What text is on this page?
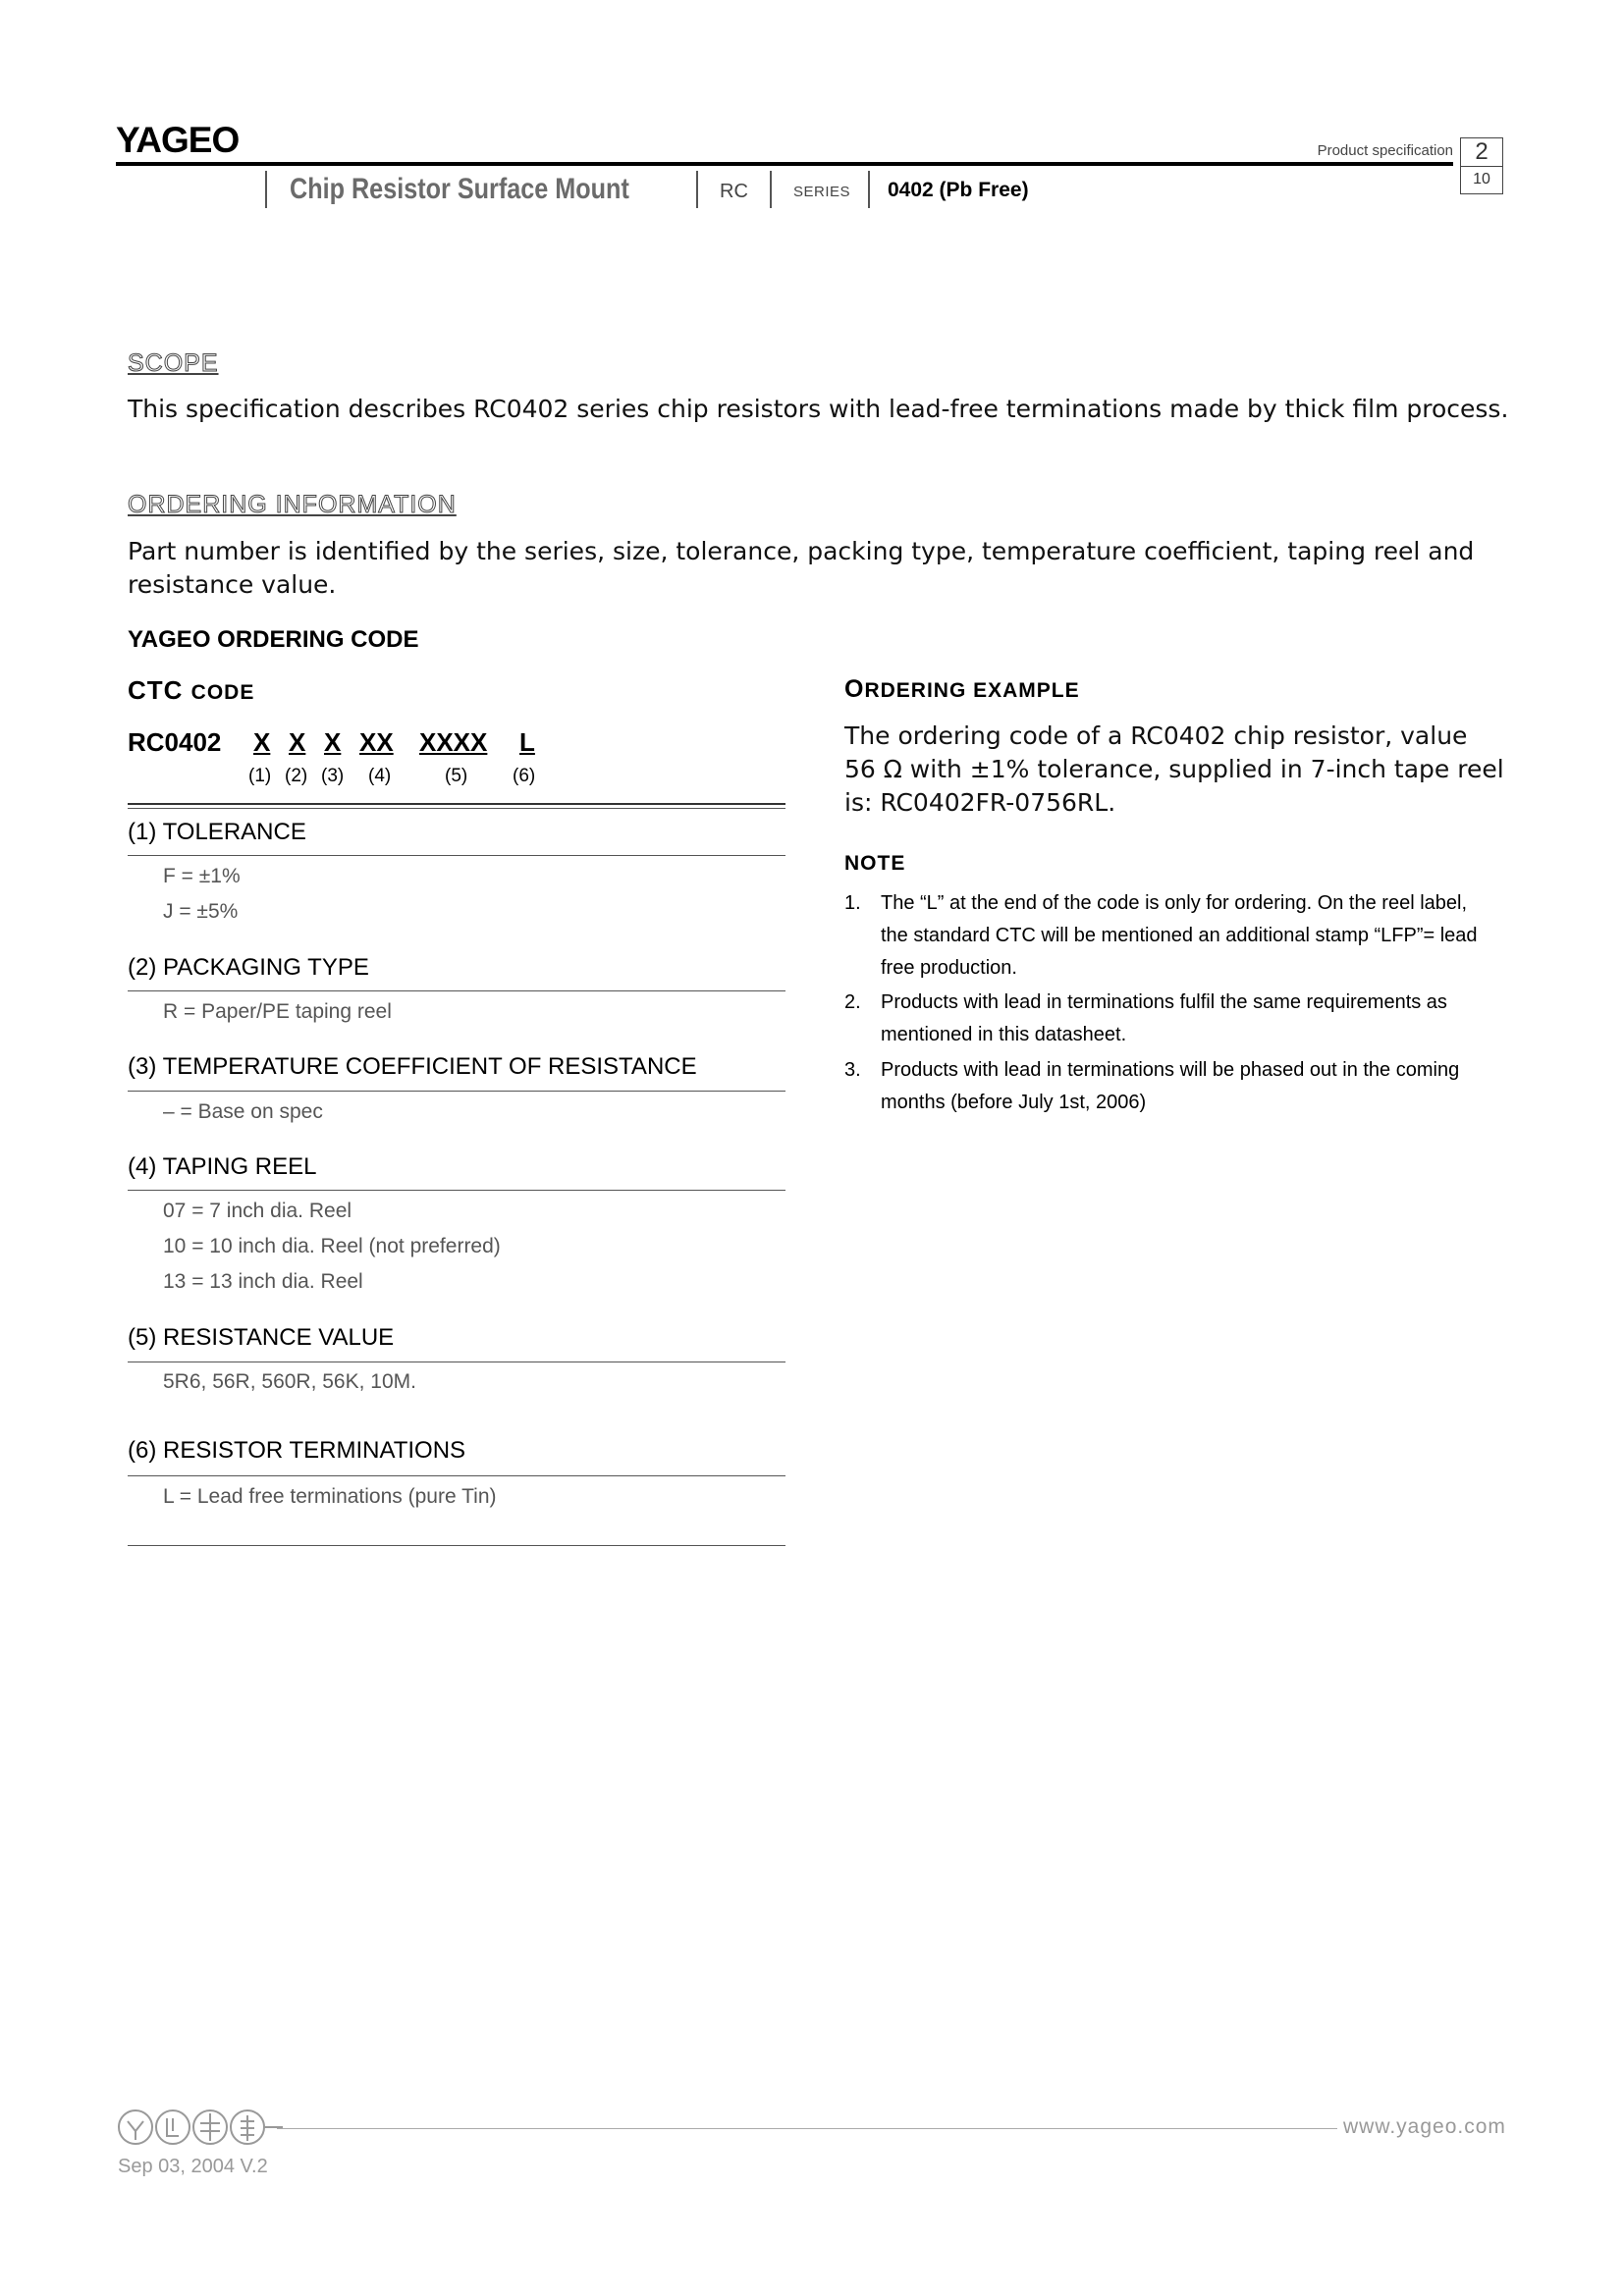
YAGEO	Product specification 2
10
Chip Resistor Surface Mount	RC	SERIES 0402 (Pb Free)
SCOPE
This specification describes RC0402 series chip resistors with lead-free terminations made by thick film process.
ORDERING INFORMATION
Part number is identified by the series, size, tolerance, packing type, temperature coefficient, taping reel and
resistance value.
YAGEO ORDERING CODE
CTC CODE
RC0402 X X X XX XXXX L
(1) (2) (3) (4)	(5) (6)
(1) TOLERANCE
F = ±1%
J = ±5%
(2) PACKAGING TYPE
R = Paper/PE taping reel
(3) TEMPERATURE COEFFICIENT OF RESISTANCE
– = Base on spec
(4) TAPING REEL
07 = 7 inch dia. Reel
10 = 10 inch dia. Reel (not preferred)
13 = 13 inch dia. Reel
(5) RESISTANCE VALUE
5R6, 56R, 560R, 56K, 10M.
(6) RESISTOR TERMINATIONS
L = Lead free terminations (pure Tin)
ORDERING EXAMPLE
The ordering code of a RC0402 chip resistor, value
56 Ω with ±1% tolerance, supplied in 7-inch tape reel
is: RC0402FR-0756RL.
NOTE
1. The “L” at the end of the code is only for ordering. On the reel label, the standard CTC will be mentioned an additional stamp “LFP”= lead free production.
2. Products with lead in terminations fulfil the same requirements as mentioned in this datasheet.
3. Products with lead in terminations will be phased out in the coming months (before July 1st, 2006)
www.yageo.com
Sep 03, 2004 V.2
